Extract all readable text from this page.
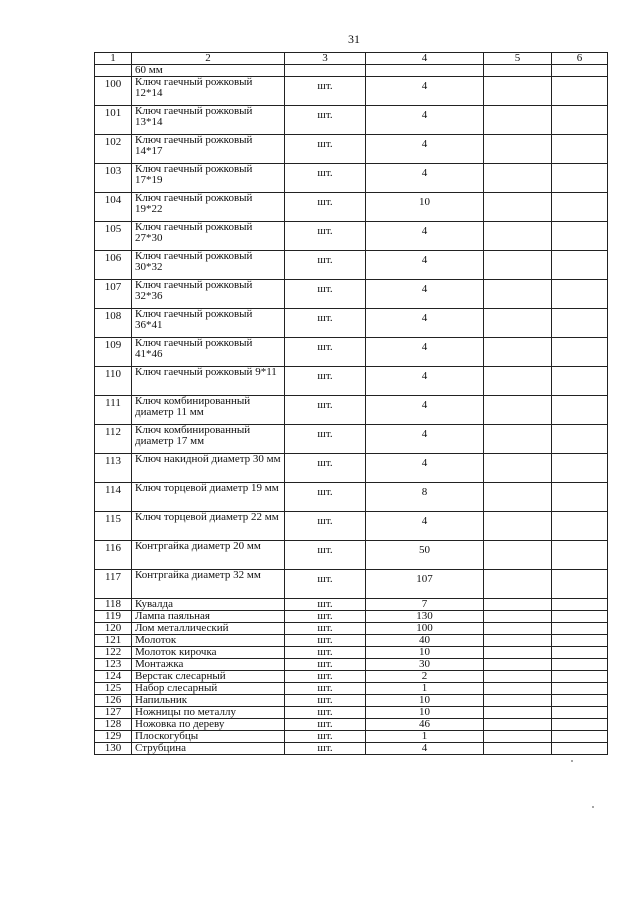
31
1	2	3	4	5	6
	60 мм				
100	Ключ гаечный рожковый 12*14	шт.	4		
101	Ключ гаечный рожковый 13*14	шт.	4		
102	Ключ гаечный рожковый 14*17	шт.	4		
103	Ключ гаечный рожковый 17*19	шт.	4		
104	Ключ гаечный рожковый 19*22	шт.	10		
105	Ключ гаечный рожковый 27*30	шт.	4		
106	Ключ гаечный рожковый 30*32	шт.	4		
107	Ключ гаечный рожковый 32*36	шт.	4		
108	Ключ гаечный рожковый 36*41	шт.	4		
109	Ключ гаечный рожковый 41*46	шт.	4		
110	Ключ гаечный рожковый 9*11	шт.	4		
111	Ключ комбинированный диаметр 11 мм	шт.	4		
112	Ключ комбинированный диаметр 17 мм	шт.	4		
113	Ключ накидной диаметр 30 мм	шт.	4		
114	Ключ торцевой диаметр 19 мм	шт.	8		
115	Ключ торцевой диаметр 22 мм	шт.	4		
116	Контргайка диаметр 20 мм	шт.	50		
117	Контргайка диаметр 32 мм	шт.	107		
118	Кувалда	шт.	7		
119	Лампа паяльная	шт.	130		
120	Лом металлический	шт.	100		
121	Молоток	шт.	40		
122	Молоток кирочка	шт.	10		
123	Монтажка	шт.	30		
124	Верстак слесарный	шт.	2		
125	Набор слесарный	шт.	1		
126	Напильник	шт.	10		
127	Ножницы по металлу	шт.	10		
128	Ножовка по дереву	шт.	46		
129	Плоскогубцы	шт.	1		
130	Струбцина	шт.	4		
